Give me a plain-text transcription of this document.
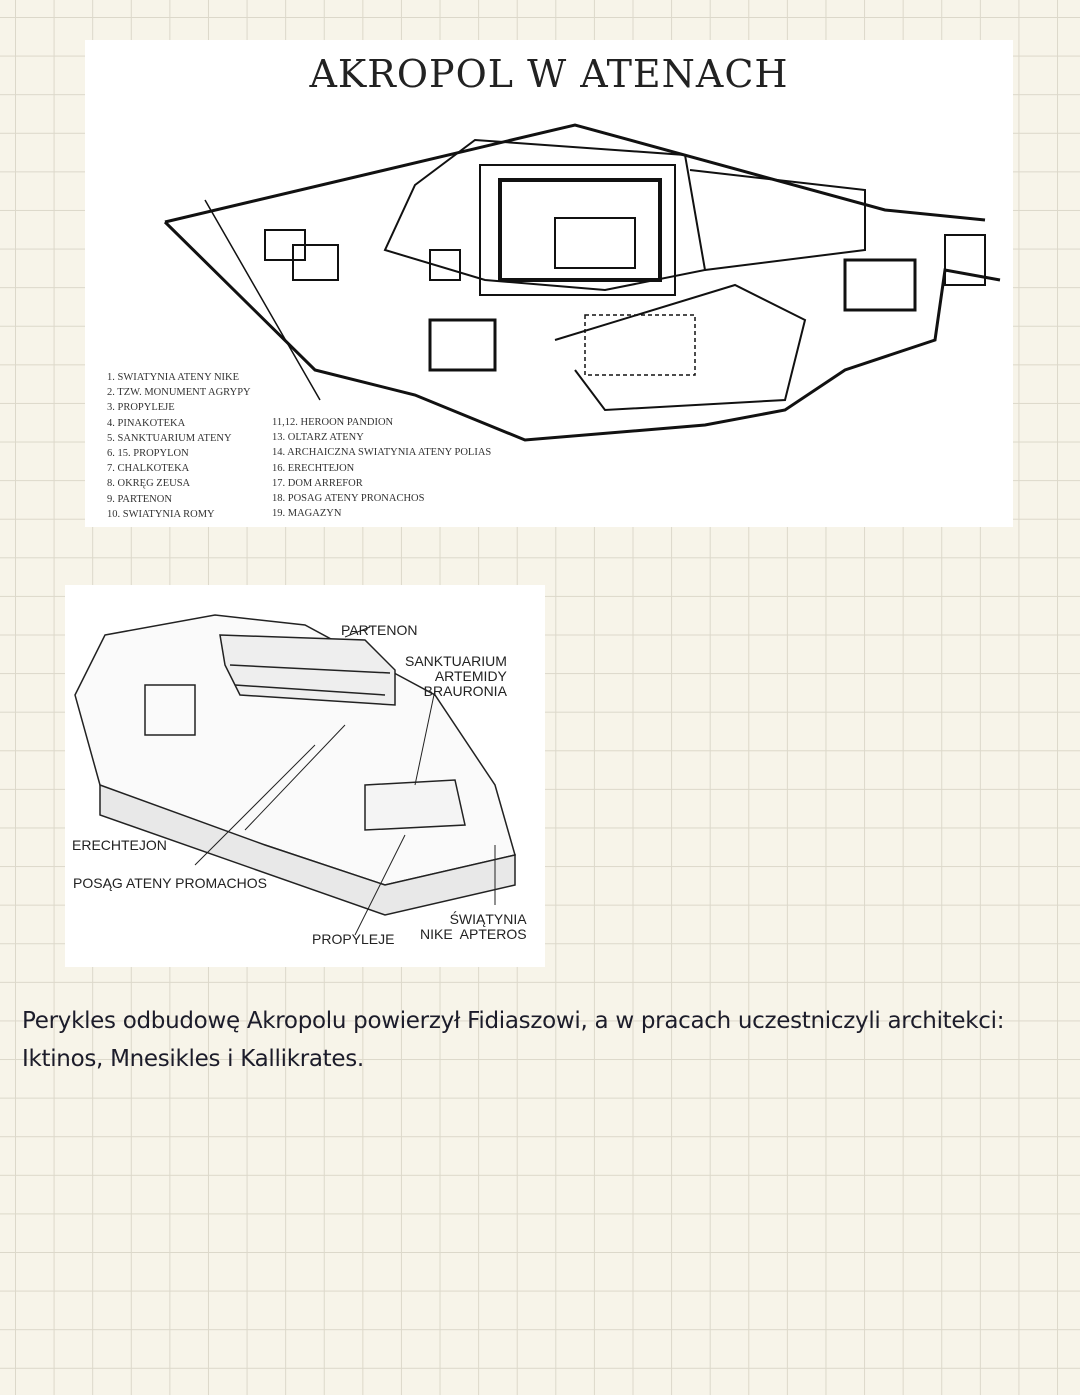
AKROPOL W ATENACH
1. SWIATYNIA ATENY NIKE
2. TZW. MONUMENT AGRYPY
3. PROPYLEJE
4. PINAKOTEKA
5. SANKTUARIUM ATENY
6. 15. PROPYLON
7. CHALKOTEKA
8. OKRĘG ZEUSA
9. PARTENON
10. SWIATYNIA ROMY
11,12. HEROON PANDION
13. OLTARZ ATENY
14. ARCHAICZNA SWIATYNIA ATENY POLIAS
16. ERECHTEJON
17. DOM ARREFOR
18. POSAG ATENY PRONACHOS
19. MAGAZYN
PARTENON
SANKTUARIUM
ARTEMIDY
BRAURONIA
ERECHTEJON
POSĄG ATENY PROMACHOS
PROPYLEJE
ŚWIĄTYNIA
NIKE  APTEROS
Perykles odbudowę Akropolu powierzył Fidiaszowi, a w pracach uczestniczyli architekci: Iktinos, Mnesikles i Kallikrates.
